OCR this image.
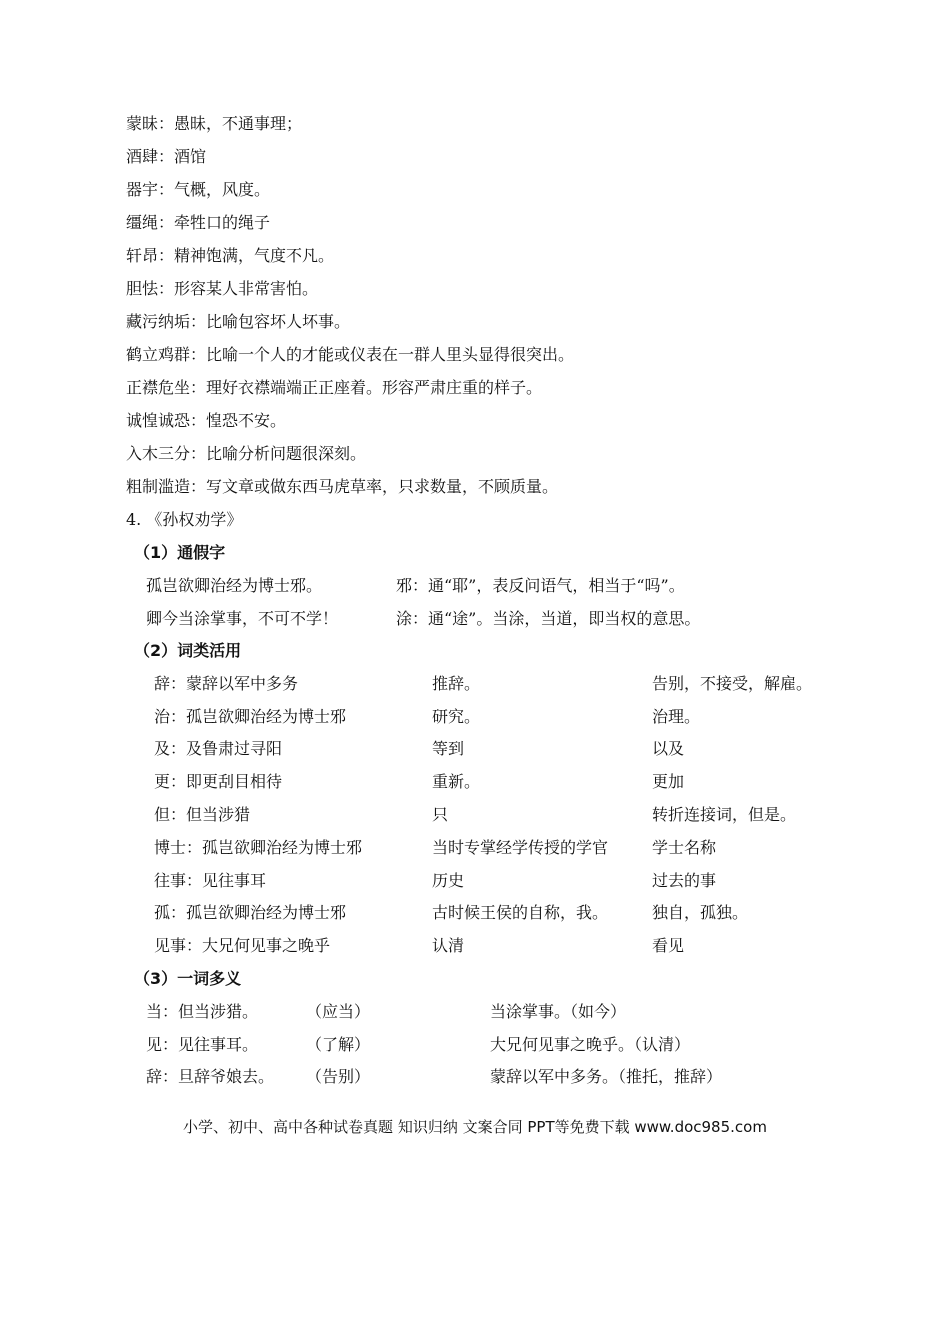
蒙昧：愚昧，不通事理；
酒肆：酒馆
器宇：气概，风度。
缰绳：牵牲口的绳子
轩昂：精神饱满，气度不凡。
胆怯：形容某人非常害怕。
藏污纳垢：比喻包容坏人坏事。
鹤立鸡群：比喻一个人的才能或仪表在一群人里头显得很突出。
正襟危坐：理好衣襟端端正正座着。形容严肃庄重的样子。
诚惶诚恐：惶恐不安。
入木三分：比喻分析问题很深刻。
粗制滥造：写文章或做东西马虎草率，只求数量，不顾质量。
4. 《孙权劝学》
（1）通假字
孤岂欲卿治经为博士邪。	邪：通“耶”，表反问语气，相当于“吗”。
卿今当涂掌事，不可不学！	涂：通“途”。当涂，当道，即当权的意思。
（2）词类活用
辞：蒙辞以军中多务	推辞。	告别，不接受，解雇。
治：孤岂欲卿治经为博士邪	研究。	治理。
及：及鲁肃过寻阳	等到	以及
更：即更刮目相待	重新。	更加
但：但当涉猎	只	转折连接词，但是。
博士：孤岂欲卿治经为博士邪	当时专掌经学传授的学官	学士名称
往事：见往事耳	历史	过去的事
孤：孤岂欲卿治经为博士邪	古时候王侯的自称，我。	独自，孤独。
见事：大兄何见事之晚乎	认清	看见
（3）一词多义
当：但当涉猎。	（应当）	当涂掌事。（如今）
见：见往事耳。	（了解）	大兄何见事之晚乎。（认清）
辞：旦辞爷娘去。 （告别）	蒙辞以军中多务。（推托，推辞）
小学、初中、高中各种试卷真题 知识归纳 文案合同 PPT等免费下载 www.doc985.com
